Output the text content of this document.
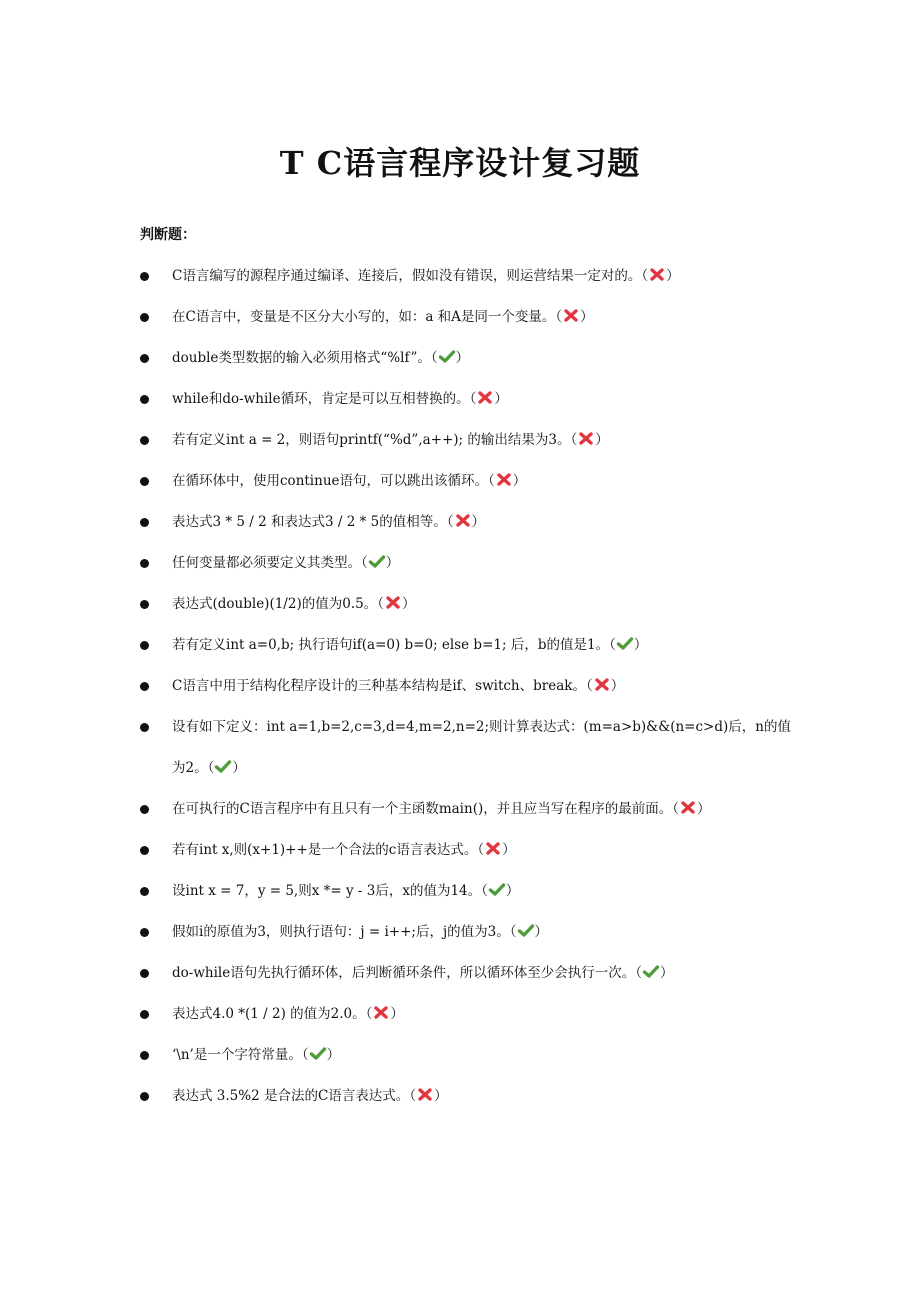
T C语言程序设计复习题

判断题：

C语言编写的源程序通过编译、连接后，假如没有错误，则运营结果一定对的。（ ）
在C语言中，变量是不区分大小写的，如：a 和A是同一个变量。（ ）
double类型数据的输入必须用格式“%lf”。（ ）
while和do-while循环，肯定是可以互相替换的。（ ）
若有定义int a = 2，则语句printf(“%d”,a++); 的输出结果为3。（ ）
在循环体中，使用continue语句，可以跳出该循环。（ ）
表达式3 * 5 / 2 和表达式3 / 2 * 5的值相等。（ ）
任何变量都必须要定义其类型。（ ）
表达式(double)(1/2)的值为0.5。（ ）
若有定义int a=0,b; 执行语句if(a=0) b=0; else b=1; 后，b的值是1。（ ）
C语言中用于结构化程序设计的三种基本结构是if、switch、break。（ ）
设有如下定义：int a=1,b=2,c=3,d=4,m=2,n=2;则计算表达式：(m=a>b)&&(n=c>d)后，n的值为2。（ ）
在可执行的C语言程序中有且只有一个主函数main()，并且应当写在程序的最前面。（ ）
若有int x,则(x+1)++是一个合法的c语言表达式。（ ）
设int x = 7，y = 5,则x *= y - 3后，x的值为14。（ ）
假如i的原值为3，则执行语句：j = i++;后，j的值为3。（ ）
do-while语句先执行循环体，后判断循环条件，所以循环体至少会执行一次。（ ）
表达式4.0 *(1 / 2) 的值为2.0。（ ）
‘\n’是一个字符常量。（ ）
表达式 3.5%2 是合法的C语言表达式。（ ）
